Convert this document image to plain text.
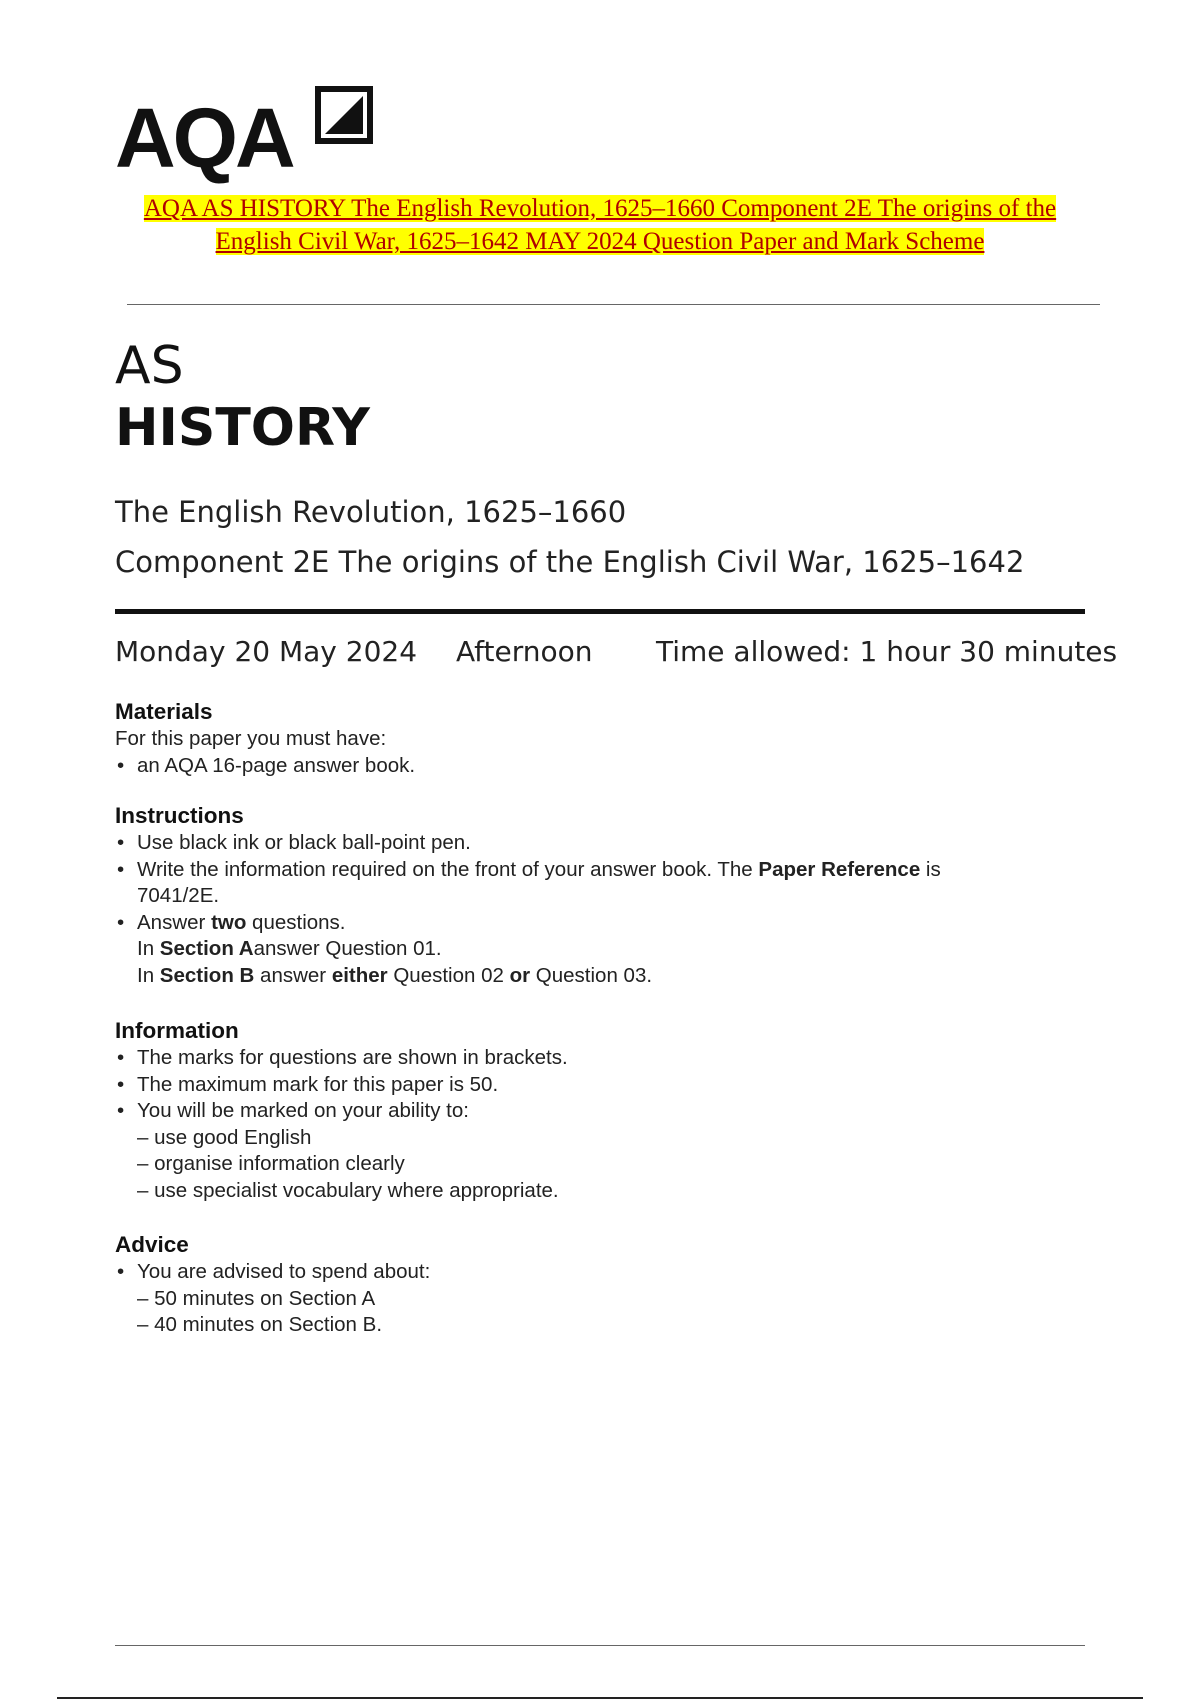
AQA
AQA AS HISTORY The English Revolution, 1625–1660 Component 2E The origins of the
English Civil War, 1625–1642 MAY 2024 Question Paper and Mark Scheme
AS
HISTORY
The English Revolution, 1625–1660
Component 2E The origins of the English Civil War, 1625–1642
Monday 20 May 2024 Afternoon Time allowed: 1 hour 30 minutes
Materials
For this paper you must have:
• an AQA 16-page answer book.
Instructions
• Use black ink or black ball-point pen.
• Write the information required on the front of your answer book. The Paper Reference is
7041/2E.
• Answer two questions.
In Section Aanswer Question 01.
In Section B answer either Question 02 or Question 03.
Information
• The marks for questions are shown in brackets.
• The maximum mark for this paper is 50.
• You will be marked on your ability to:
– use good English
– organise information clearly
– use specialist vocabulary where appropriate.
Advice
• You are advised to spend about:
– 50 minutes on Section A
– 40 minutes on Section B.
